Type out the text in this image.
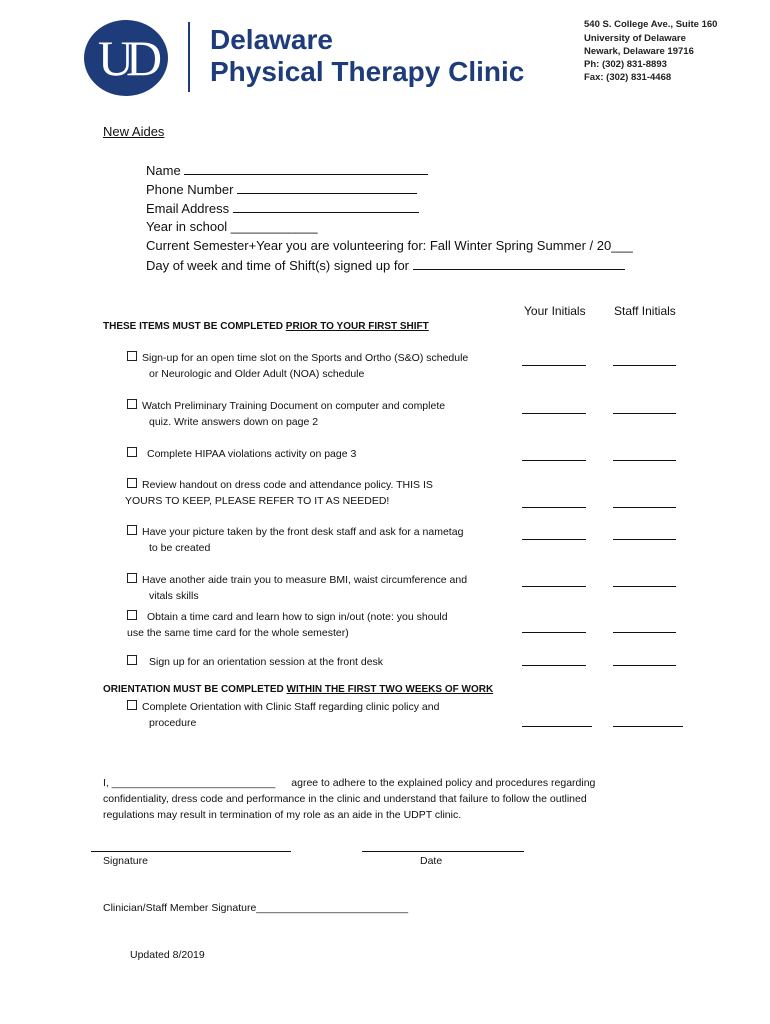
UD	Delaware
Physical Therapy Clinic
540 S. College Ave., Suite 160
University of Delaware
Newark, Delaware 19716
Ph: (302) 831-8893
Fax: (302) 831-4468
New Aides
Name
Phone Number
Email Address
Year in school ____________
Current Semester+Year you are volunteering for: Fall Winter Spring Summer / 20___
Day of week and time of Shift(s) signed up for
Your Initials Staff Initials
THESE ITEMS MUST BE COMPLETED PRIOR TO YOUR FIRST SHIFT
Sign-up for an open time slot on the Sports and Ortho (S&O) schedule
or Neurologic and Older Adult (NOA) schedule
Watch Preliminary Training Document on computer and complete
quiz. Write answers down on page 2
Complete HIPAA violations activity on page 3
Review handout on dress code and attendance policy. THIS IS
YOURS TO KEEP, PLEASE REFER TO IT AS NEEDED!
Have your picture taken by the front desk staff and ask for a nametag
to be created
Have another aide train you to measure BMI, waist circumference and
vitals skills
Obtain a time card and learn how to sign in/out (note: you should
use the same time card for the whole semester)
Sign up for an orientation session at the front desk
ORIENTATION MUST BE COMPLETED WITHIN THE FIRST TWO WEEKS OF WORK
Complete Orientation with Clinic Staff regarding clinic policy and
procedure
I, ____________________________ agree to adhere to the explained policy and procedures regarding
confidentiality, dress code and performance in the clinic and understand that failure to follow the outlined
regulations may result in termination of my role as an aide in the UDPT clinic.
Signature	Date
Clinician/Staff Member Signature__________________________
Updated 8/2019
